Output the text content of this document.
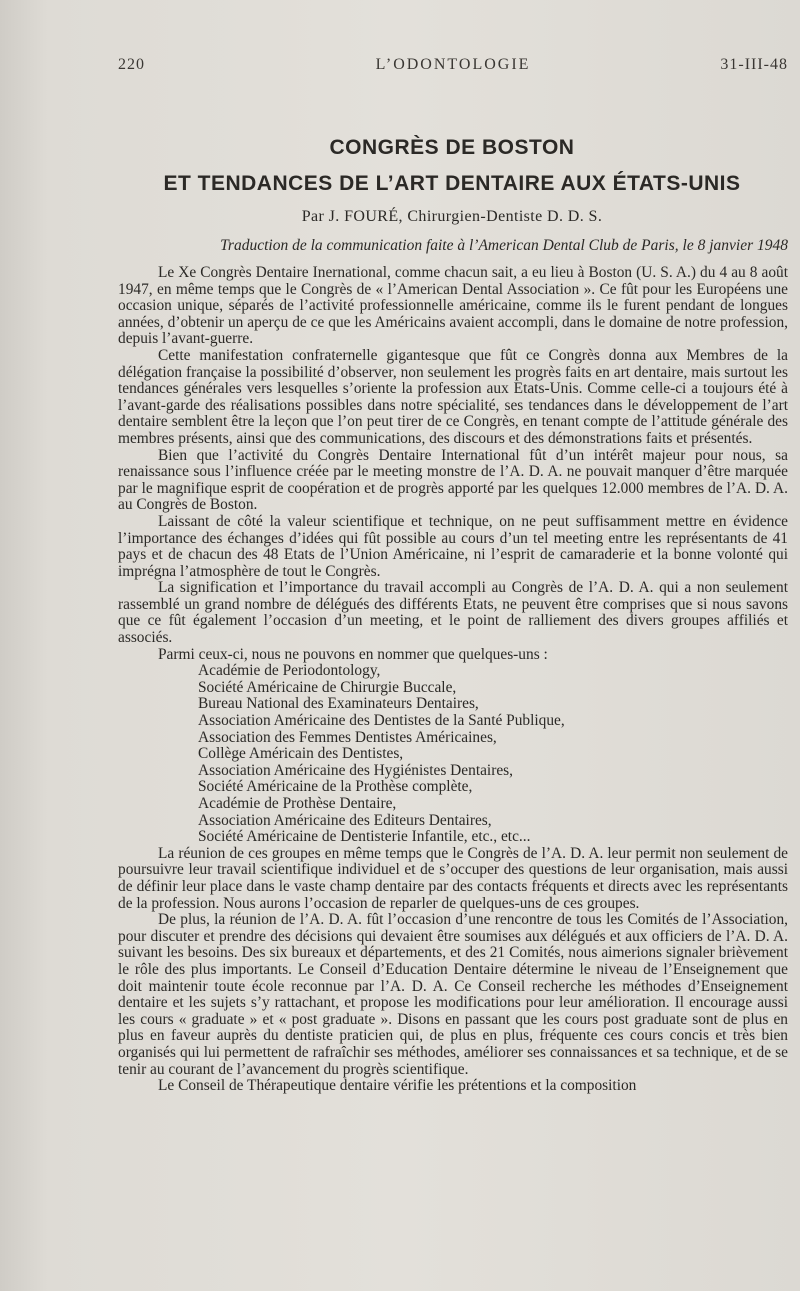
220	L’ODONTOLOGIE	31-III-48
CONGRÈS DE BOSTON
ET TENDANCES DE L’ART DENTAIRE AUX ÉTATS-UNIS
Par J. FOURÉ, Chirurgien-Dentiste D. D. S.
Traduction de la communication faite à l’American Dental Club de Paris, le 8 janvier 1948

Le Xe Congrès Dentaire Inernational, comme chacun sait, a eu lieu à Boston (U. S. A.) du 4 au 8 août 1947, en même temps que le Congrès de « l’American Dental Association ». Ce fût pour les Européens une occasion unique, séparés de l’activité professionnelle américaine, comme ils le furent pendant de longues années, d’obtenir un aperçu de ce que les Américains avaient accompli, dans le domaine de notre profession, depuis l’avant-guerre.

Cette manifestation confraternelle gigantesque que fût ce Congrès donna aux Membres de la délégation française la possibilité d’observer, non seulement les progrès faits en art dentaire, mais surtout les tendances générales vers lesquelles s’oriente la profession aux Etats-Unis. Comme celle-ci a toujours été à l’avant-garde des réalisations possibles dans notre spécialité, ses tendances dans le développement de l’art dentaire semblent être la leçon que l’on peut tirer de ce Congrès, en tenant compte de l’attitude générale des membres présents, ainsi que des communications, des discours et des démonstrations faits et présentés.

Bien que l’activité du Congrès Dentaire International fût d’un intérêt majeur pour nous, sa renaissance sous l’influence créée par le meeting monstre de l’A. D. A. ne pouvait manquer d’être marquée par le magnifique esprit de coopération et de progrès apporté par les quelques 12.000 membres de l’A. D. A. au Congrès de Boston.

Laissant de côté la valeur scientifique et technique, on ne peut suffisamment mettre en évidence l’importance des échanges d’idées qui fût possible au cours d’un tel meeting entre les représentants de 41 pays et de chacun des 48 Etats de l’Union Américaine, ni l’esprit de camaraderie et la bonne volonté qui imprégna l’atmosphère de tout le Congrès.

La signification et l’importance du travail accompli au Congrès de l’A. D. A. qui a non seulement rassemblé un grand nombre de délégués des différents Etats, ne peuvent être comprises que si nous savons que ce fût également l’occasion d’un meeting, et le point de ralliement des divers groupes affiliés et associés.

Parmi ceux-ci, nous ne pouvons en nommer que quelques-uns :

Académie de Periodontology,
Société Américaine de Chirurgie Buccale,
Bureau National des Examinateurs Dentaires,
Association Américaine des Dentistes de la Santé Publique,
Association des Femmes Dentistes Américaines,
Collège Américain des Dentistes,
Association Américaine des Hygiénistes Dentaires,
Société Américaine de la Prothèse complète,
Académie de Prothèse Dentaire,
Association Américaine des Editeurs Dentaires,
Société Américaine de Dentisterie Infantile, etc., etc...

La réunion de ces groupes en même temps que le Congrès de l’A. D. A. leur permit non seulement de poursuivre leur travail scientifique individuel et de s’occuper des questions de leur organisation, mais aussi de définir leur place dans le vaste champ dentaire par des contacts fréquents et directs avec les représentants de la profession. Nous aurons l’occasion de reparler de quelques-uns de ces groupes.

De plus, la réunion de l’A. D. A. fût l’occasion d’une rencontre de tous les Comités de l’Association, pour discuter et prendre des décisions qui devaient être soumises aux délégués et aux officiers de l’A. D. A. suivant les besoins. Des six bureaux et départements, et des 21 Comités, nous aimerions signaler brièvement le rôle des plus importants. Le Conseil d’Education Dentaire détermine le niveau de l’Enseignement que doit maintenir toute école reconnue par l’A. D. A. Ce Conseil recherche les méthodes d’Enseignement dentaire et les sujets s’y rattachant, et propose les modifications pour leur amélioration. Il encourage aussi les cours « graduate » et « post graduate ». Disons en passant que les cours post graduate sont de plus en plus en faveur auprès du dentiste praticien qui, de plus en plus, fréquente ces cours concis et très bien organisés qui lui permettent de rafraîchir ses méthodes, améliorer ses connaissances et sa technique, et de se tenir au courant de l’avancement du progrès scientifique.

Le Conseil de Thérapeutique dentaire vérifie les prétentions et la composition
